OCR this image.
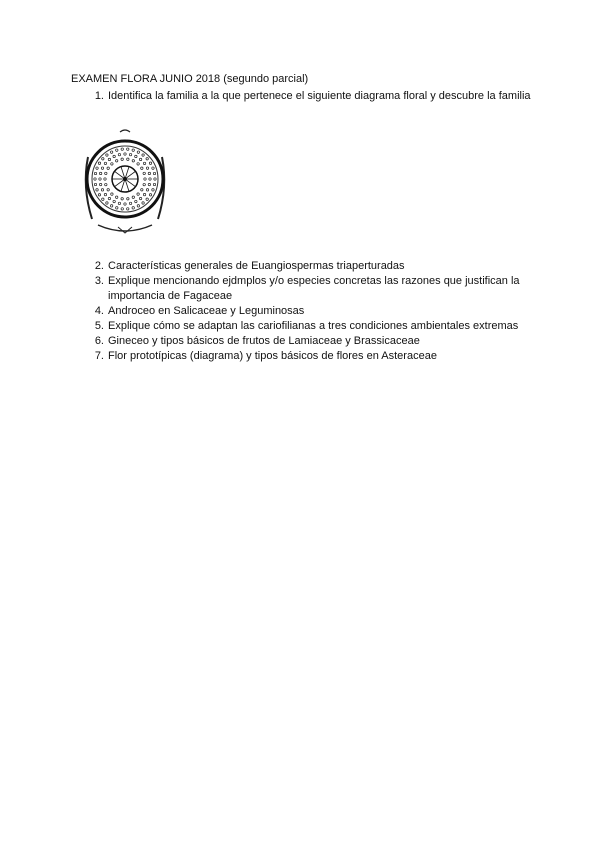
EXAMEN FLORA JUNIO 2018 (segundo parcial)
1. Identifica la familia a la que pertenece el siguiente diagrama floral y descubre la familia
2. Características generales de Euangiospermas triaperturadas
3. Explique mencionando ejdmplos y/o especies concretas las razones que justifican la importancia de Fagaceae
4. Androceo en Salicaceae y Leguminosas
5. Explique cómo se adaptan las cariofilianas a tres condiciones ambientales extremas
6. Gineceo y tipos básicos de frutos de Lamiaceae y Brassicaceae
7. Flor prototípicas (diagrama) y tipos básicos de flores en Asteraceae
